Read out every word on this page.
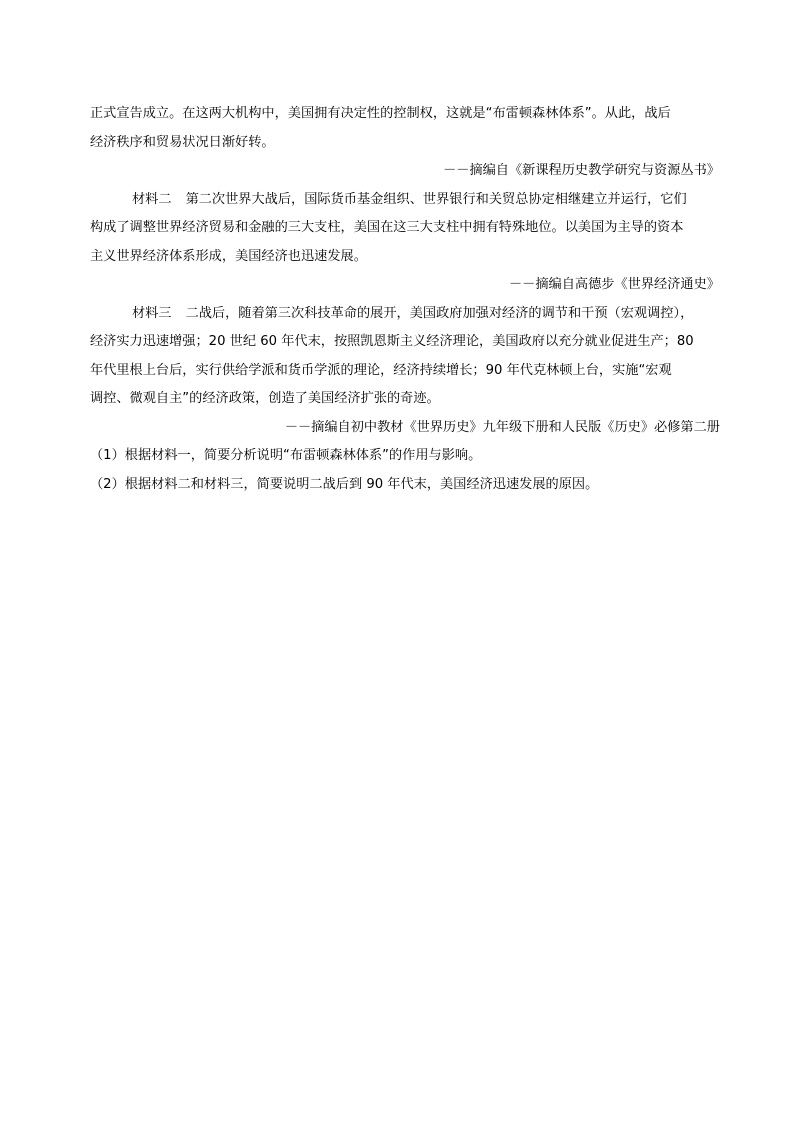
正式宣告成立。在这两大机构中，美国拥有决定性的控制权，这就是“布雷顿森林体系”。从此，战后
经济秩序和贸易状况日渐好转。
－－摘编自《新课程历史教学研究与资源丛书》
材料二 第二次世界大战后，国际货币基金组织、世界银行和关贸总协定相继建立并运行，它们
构成了调整世界经济贸易和金融的三大支柱，美国在这三大支柱中拥有特殊地位。以美国为主导的资本
主义世界经济体系形成，美国经济也迅速发展。
－－摘编自高德步《世界经济通史》
材料三 二战后，随着第三次科技革命的展开，美国政府加强对经济的调节和干预（宏观调控），
经济实力迅速增强；20 世纪 60 年代末，按照凯恩斯主义经济理论，美国政府以充分就业促进生产；80
年代里根上台后，实行供给学派和货币学派的理论，经济持续增长；90 年代克林顿上台，实施“宏观
调控、微观自主”的经济政策，创造了美国经济扩张的奇迹。
－－摘编自初中教材《世界历史》九年级下册和人民版《历史》必修第二册
（1）根据材料一，简要分析说明“布雷顿森林体系”的作用与影响。
（2）根据材料二和材料三，简要说明二战后到 90 年代末，美国经济迅速发展的原因。
